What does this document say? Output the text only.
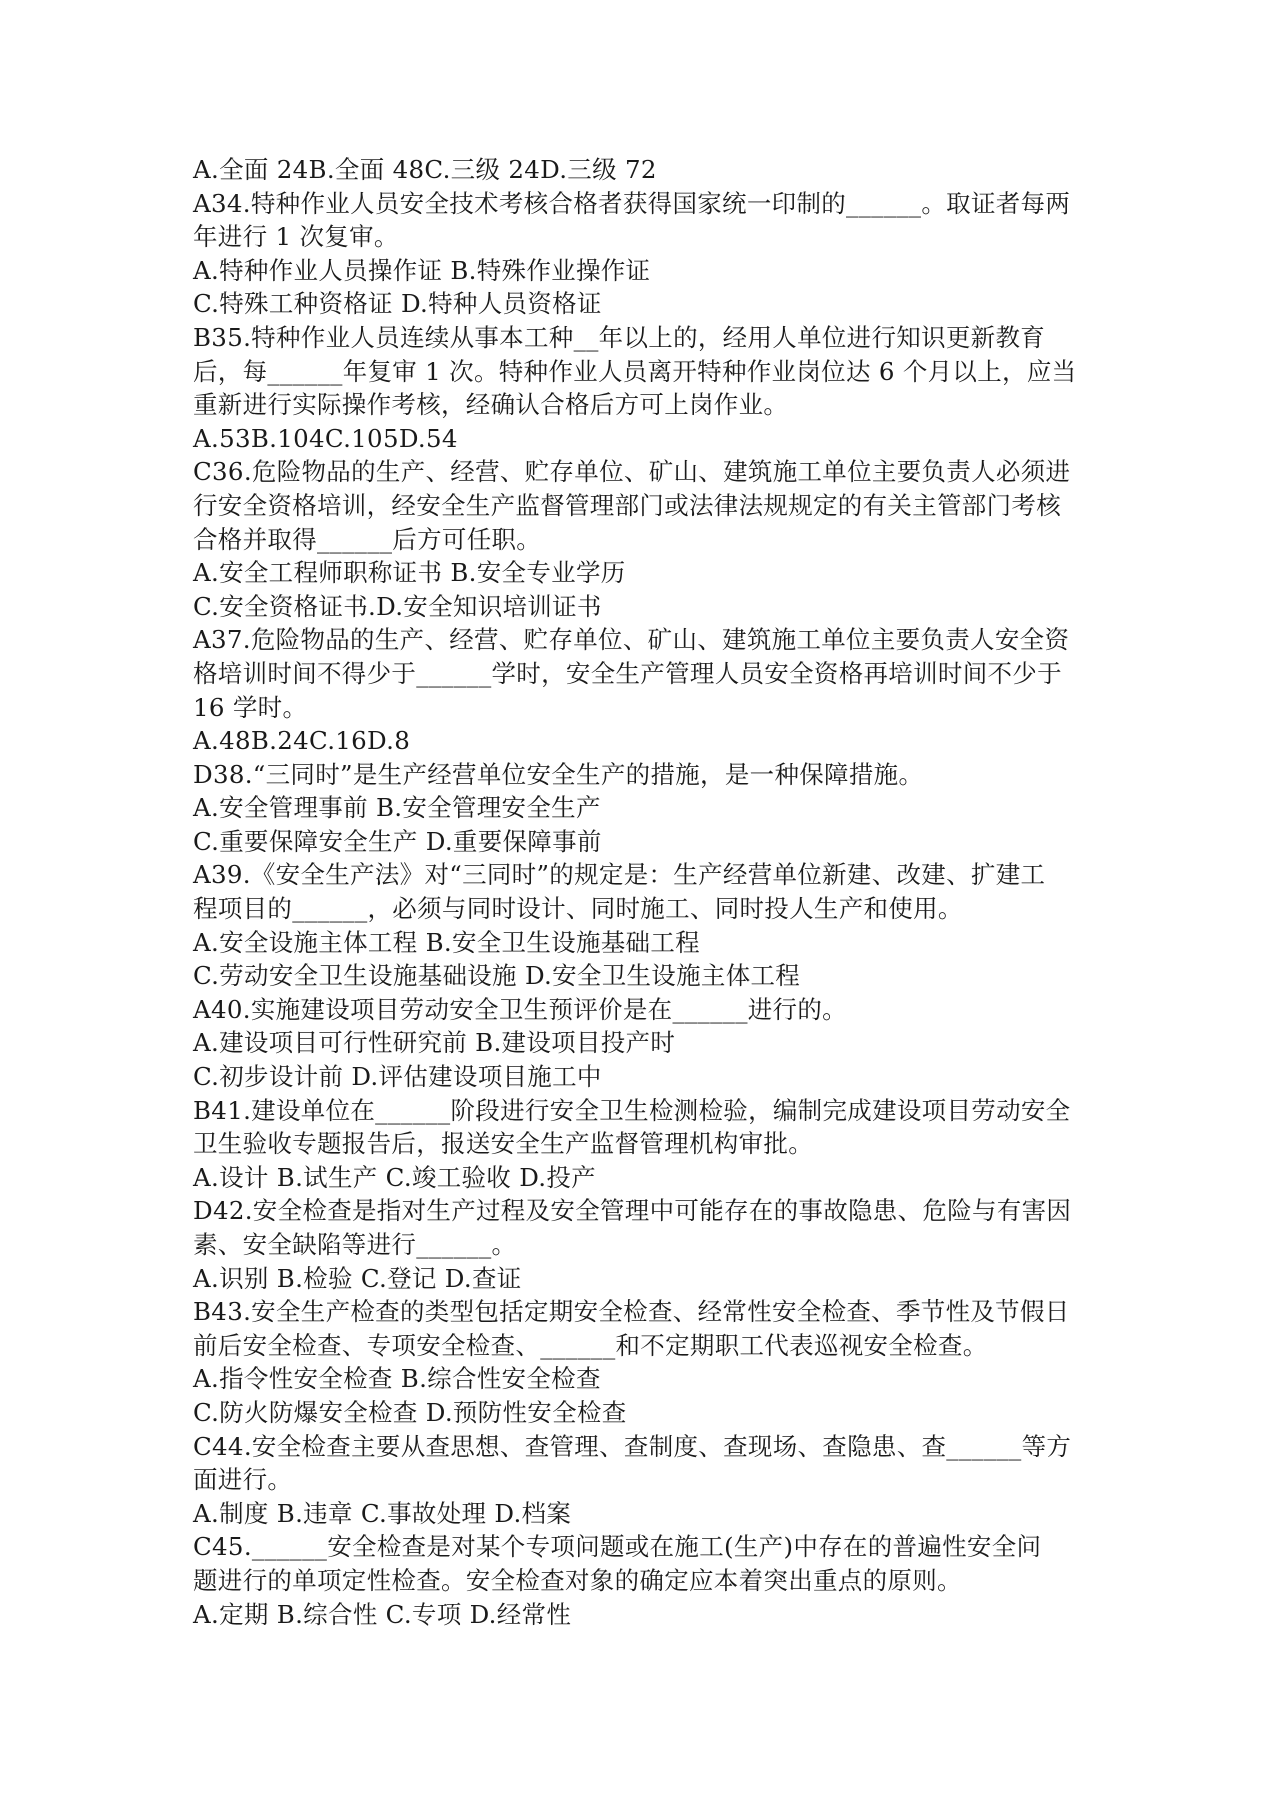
A.全面 24B.全面 48C.三级 24D.三级 72
A34.特种作业人员安全技术考核合格者获得国家统一印制的______。取证者每两
年进行 1 次复审。
A.特种作业人员操作证 B.特殊作业操作证
C.特殊工种资格证 D.特种人员资格证
B35.特种作业人员连续从事本工种__年以上的，经用人单位进行知识更新教育
后，每______年复审 1 次。特种作业人员离开特种作业岗位达 6 个月以上，应当
重新进行实际操作考核，经确认合格后方可上岗作业。
A.53B.104C.105D.54
C36.危险物品的生产、经营、贮存单位、矿山、建筑施工单位主要负责人必须进
行安全资格培训，经安全生产监督管理部门或法律法规规定的有关主管部门考核
合格并取得______后方可任职。
A.安全工程师职称证书 B.安全专业学历
C.安全资格证书.D.安全知识培训证书
A37.危险物品的生产、经营、贮存单位、矿山、建筑施工单位主要负责人安全资
格培训时间不得少于______学时，安全生产管理人员安全资格再培训时间不少于
16 学时。
A.48B.24C.16D.8
D38.“三同时”是生产经营单位安全生产的措施，是一种保障措施。
A.安全管理事前 B.安全管理安全生产
C.重要保障安全生产 D.重要保障事前
A39.《安全生产法》对“三同时”的规定是：生产经营单位新建、改建、扩建工
程项目的______，必须与同时设计、同时施工、同时投人生产和使用。
A.安全设施主体工程 B.安全卫生设施基础工程
C.劳动安全卫生设施基础设施 D.安全卫生设施主体工程
A40.实施建设项目劳动安全卫生预评价是在______进行的。
A.建设项目可行性研究前 B.建设项目投产时
C.初步设计前 D.评估建设项目施工中
B41.建设单位在______阶段进行安全卫生检测检验，编制完成建设项目劳动安全
卫生验收专题报告后，报送安全生产监督管理机构审批。
A.设计 B.试生产 C.竣工验收 D.投产
D42.安全检查是指对生产过程及安全管理中可能存在的事故隐患、危险与有害因
素、安全缺陷等进行______。
A.识别 B.检验 C.登记 D.查证
B43.安全生产检查的类型包括定期安全检查、经常性安全检查、季节性及节假日
前后安全检查、专项安全检查、______和不定期职工代表巡视安全检查。
A.指令性安全检查 B.综合性安全检查
C.防火防爆安全检查 D.预防性安全检查
C44.安全检查主要从查思想、查管理、查制度、查现场、查隐患、查______等方
面进行。
A.制度 B.违章 C.事故处理 D.档案
C45.______安全检查是对某个专项问题或在施工(生产)中存在的普遍性安全问
题进行的单项定性检查。安全检查对象的确定应本着突出重点的原则。
A.定期 B.综合性 C.专项 D.经常性
